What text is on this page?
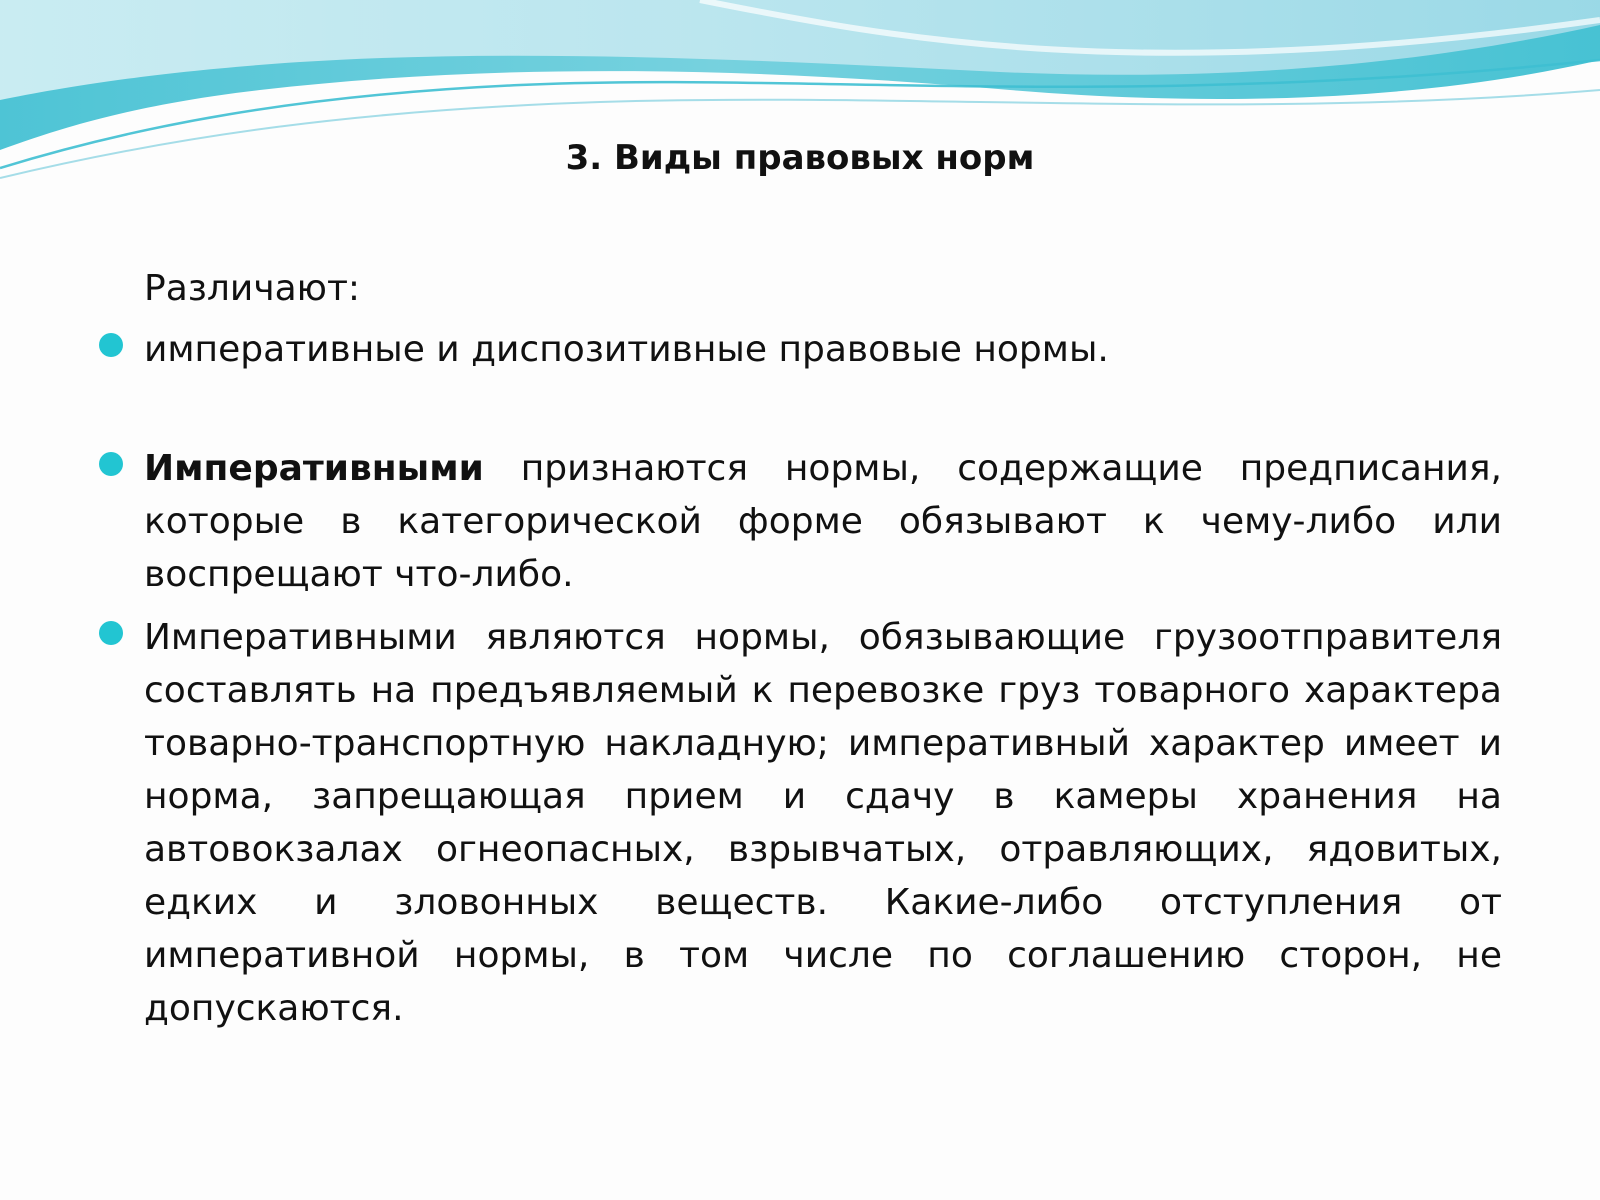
3. Виды правовых норм

Различают:

императивные и диспозитивные правовые нормы.

Императивными признаются нормы, содержащие предписания, которые в категорической форме обязывают к чему-либо или воспрещают что-либо.

Императивными являются нормы, обязывающие грузоотправителя составлять на предъявляемый к перевозке груз товарного характера товарно-транспортную накладную; императивный характер имеет и норма, запрещающая прием и сдачу в камеры хранения на автовокзалах огнеопасных, взрывчатых, отравляющих, ядовитых, едких и зловонных веществ. Какие-либо отступления от императивной нормы, в том числе по соглашению сторон, не допускаются.
